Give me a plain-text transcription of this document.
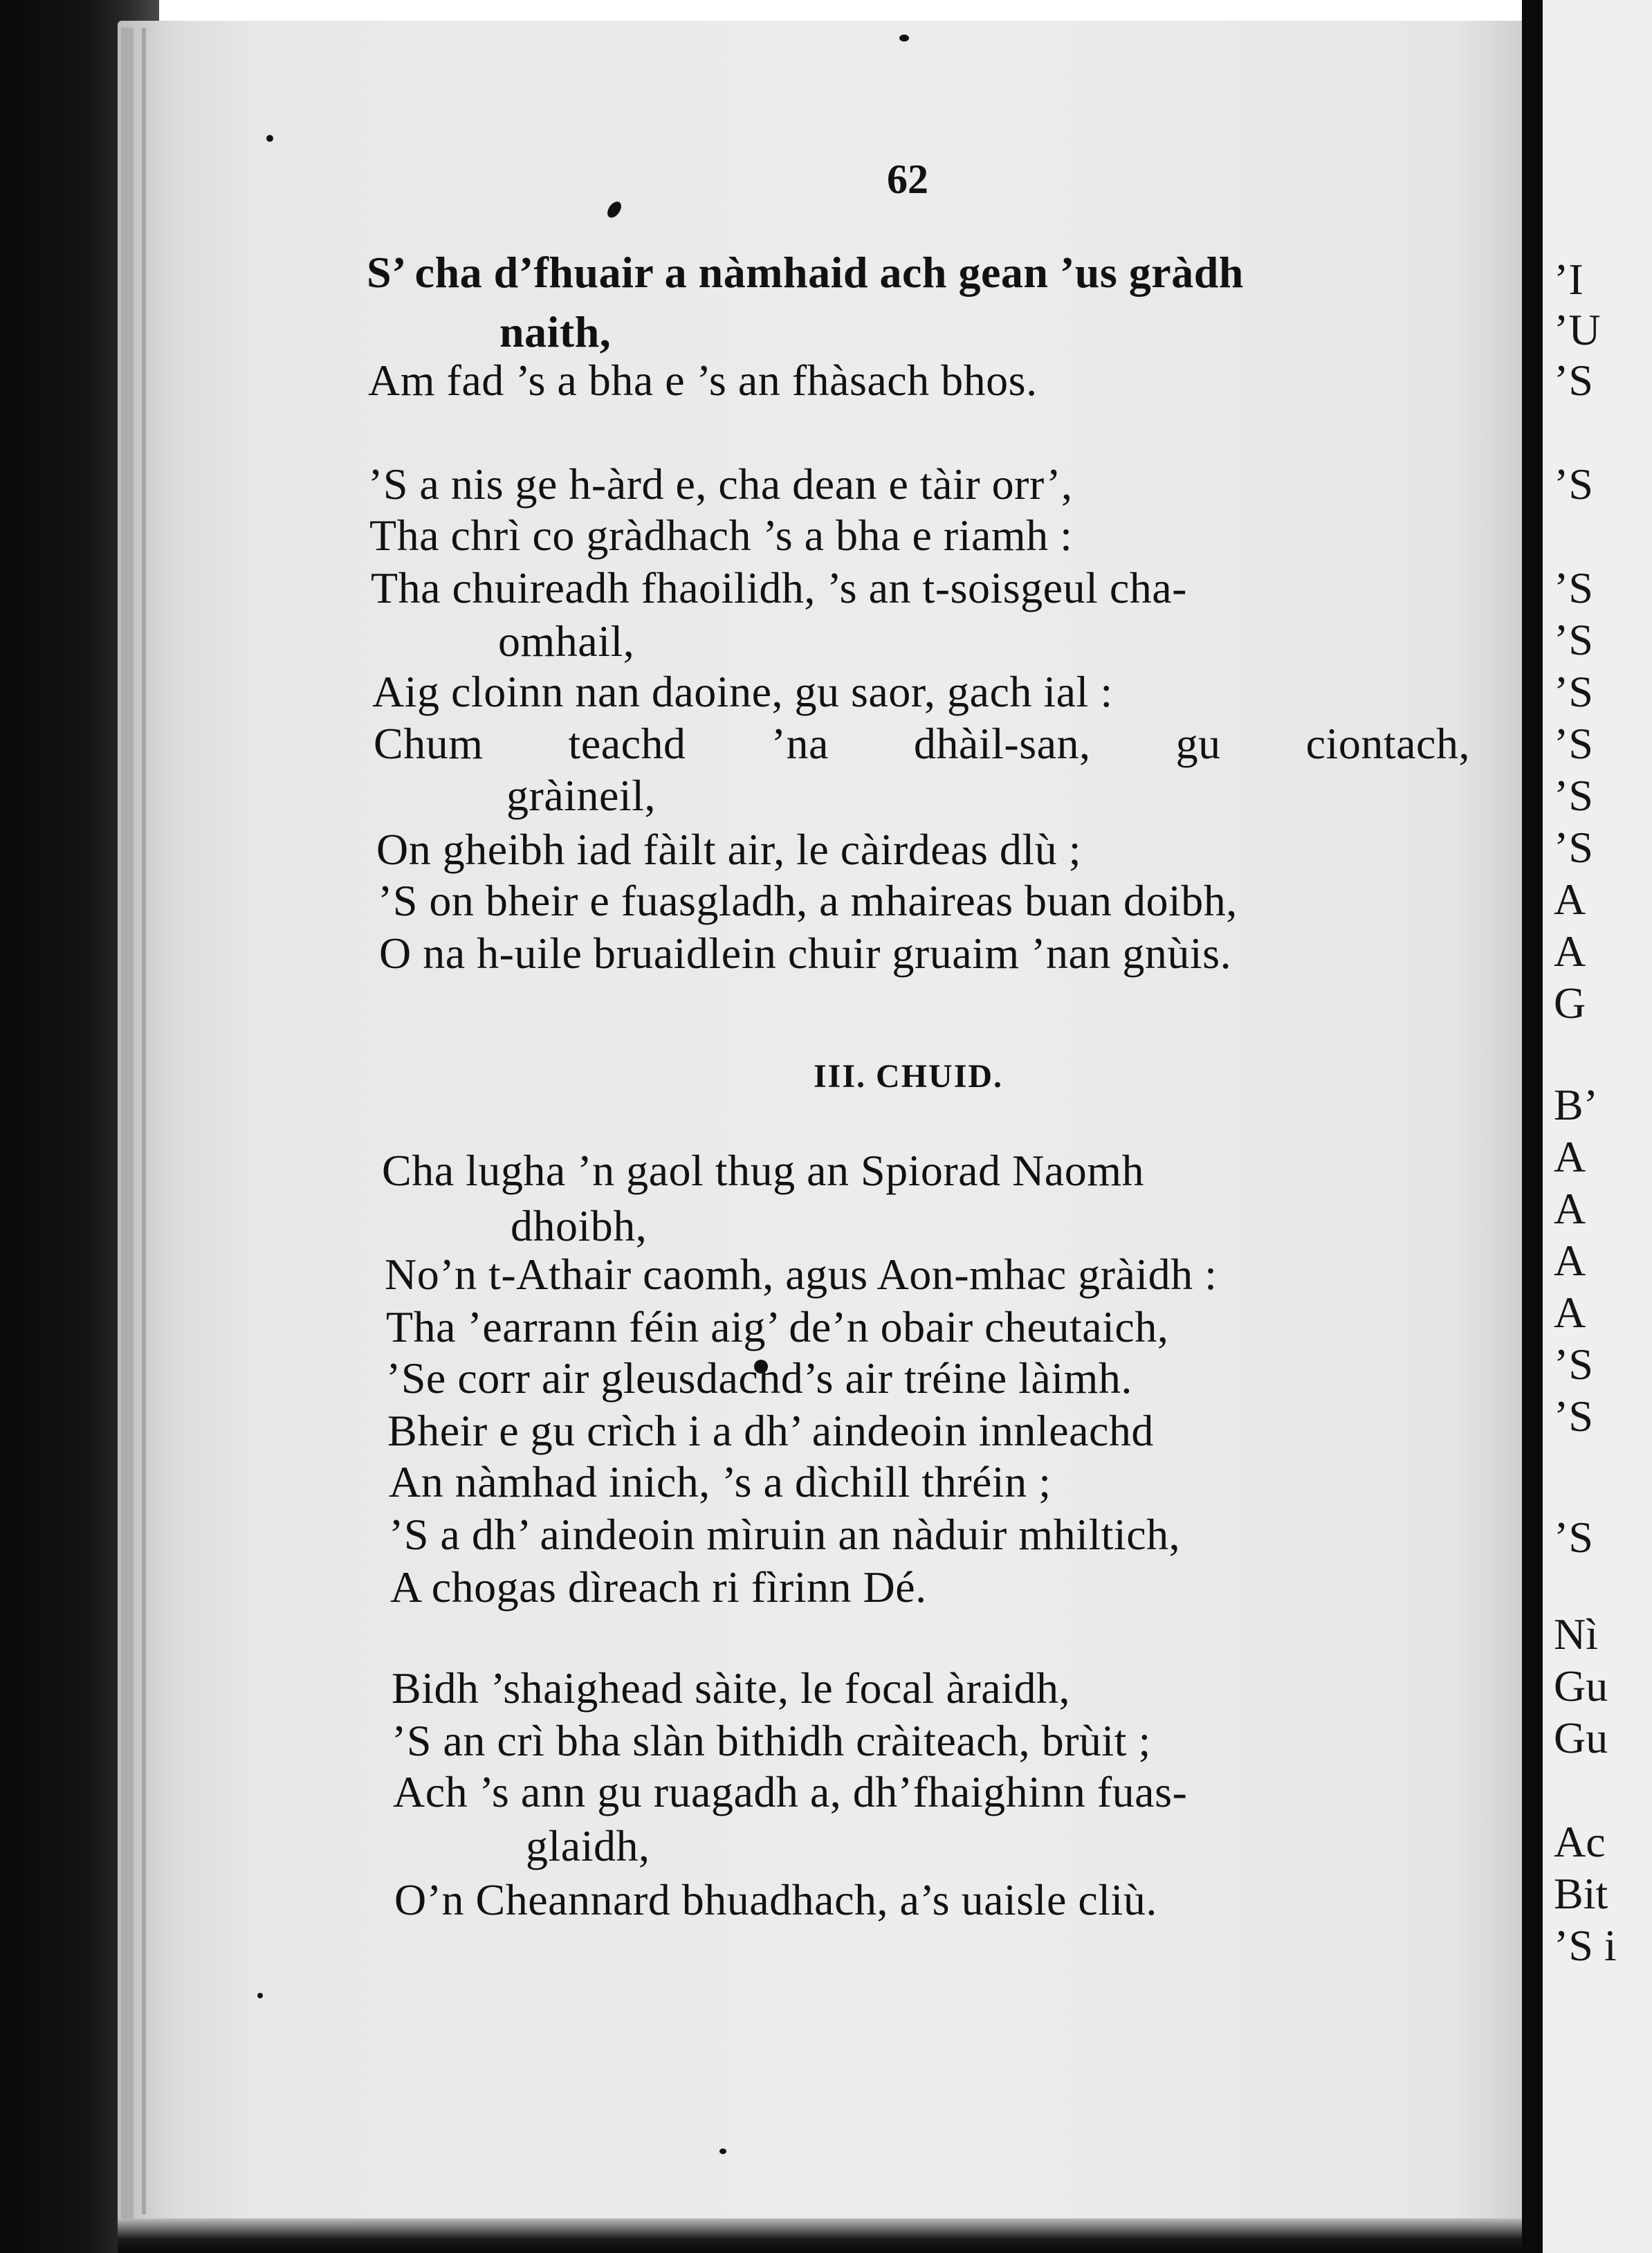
’I
’U
’S
’S
’S
’S
’S
’S
’S
’S
A
A
G
B’
A
A
A
A
’S
’S
’S
Nì
Gu
Gu
Ac
Bit
’S i
62
S’ cha d’fhuair a nàmhaid ach gean ’us gràdh
naith,
Am fad ’s a bha e ’s an fhàsach bhos.
’S a nis ge h-àrd e, cha dean e tàir orr’,
Tha chrì co gràdhach ’s a bha e riamh :
Tha chuireadh fhaoilidh, ’s an t-soisgeul cha-
omhail,
Aig cloinn nan daoine, gu saor, gach ial :
Chum teachd ’na dhàil-san, gu ciontach,
gràineil,
On gheibh iad fàilt air, le càirdeas dlù ;
’S on bheir e fuasgladh, a mhaireas buan doibh,
O na h-uile bruaidlein chuir gruaim ’nan gnùis.
III. CHUID.
Cha lugha ’n gaol thug an Spiorad Naomh
dhoibh,
No’n t-Athair caomh, agus Aon-mhac gràidh :
Tha ’earrann féin aig’ de’n obair cheutaich,
’Se corr air gleusdachd’s air tréine làimh.
Bheir e gu crìch i a dh’ aindeoin innleachd
An nàmhad inich, ’s a dìchill thréin ;
’S a dh’ aindeoin mìruin an nàduir mhiltich,
A chogas dìreach ri fìrinn Dé.
Bidh ’shaighead sàite, le focal àraidh,
’S an crì bha slàn bithidh cràiteach, brùit ;
Ach ’s ann gu ruagadh a, dh’fhaighinn fuas-
glaidh,
O’n Cheannard bhuadhach, a’s uaisle cliù.
